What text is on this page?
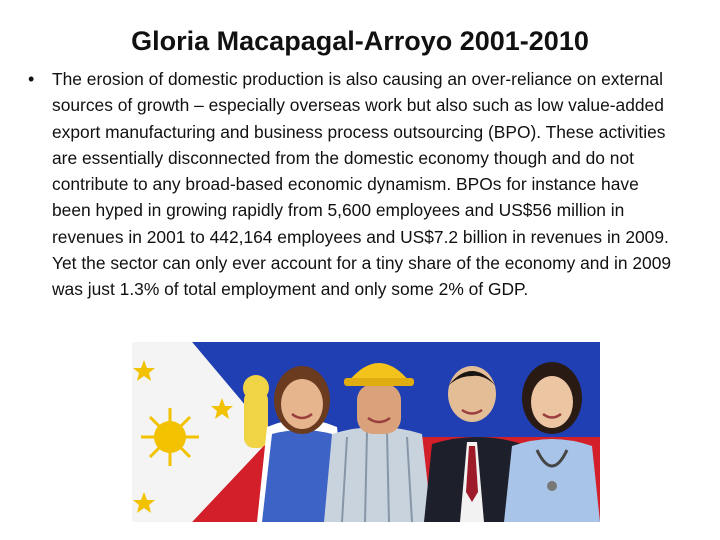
Gloria Macapagal-Arroyo 2001-2010
•	The erosion of domestic production is also causing an over-reliance on external sources of growth – especially overseas work but also such as low value-added export manufacturing and business process outsourcing (BPO). These activities are essentially disconnected from the domestic economy though and do not contribute to any broad-based economic dynamism. BPOs for instance have been hyped in growing rapidly from 5,600 employees and US$56 million in revenues in 2001 to 442,164 employees and US$7.2 billion in revenues in 2009. Yet the sector can only ever account for a tiny share of the economy and in 2009 was just 1.3% of total employment and only some 2% of GDP.
